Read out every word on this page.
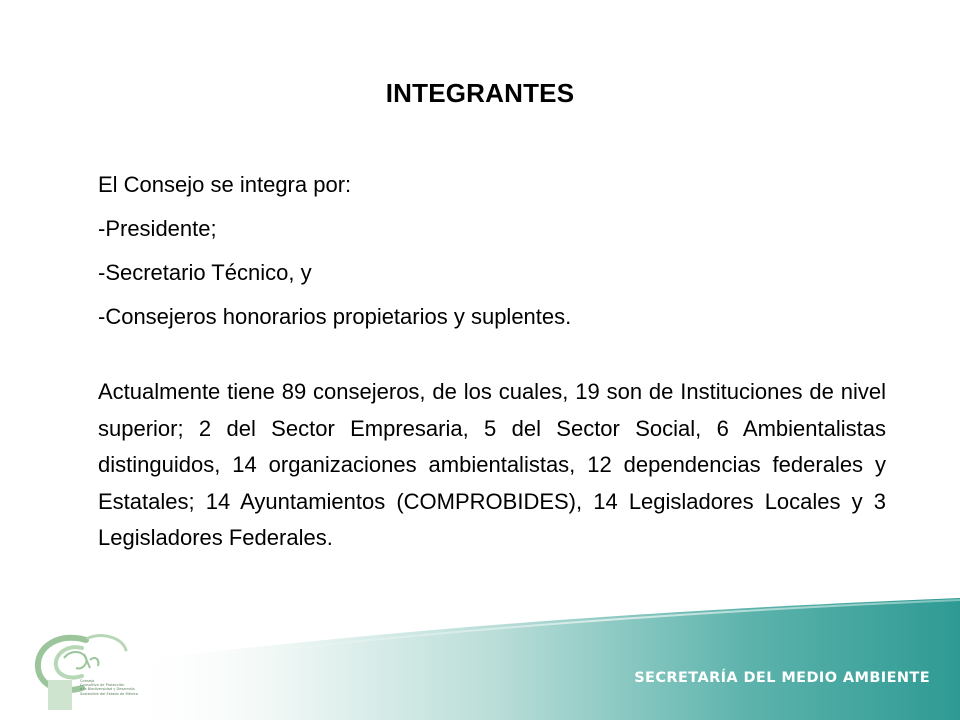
INTEGRANTES
El Consejo se integra por:
-Presidente;
-Secretario Técnico, y
-Consejeros honorarios propietarios y suplentes.

Actualmente tiene 89 consejeros, de los cuales, 19 son de Instituciones de nivel superior; 2 del Sector Empresaria, 5 del Sector Social, 6 Ambientalistas distinguidos, 14 organizaciones ambientalistas, 12 dependencias federales y Estatales; 14 Ayuntamientos (COMPROBIDES), 14 Legisladores Locales y 3 Legisladores Federales.

SECRETARÍA DEL MEDIO AMBIENTE
Consejo
Consultivo de Protección
a la Biodiversidad y Desarrollo
Sostenible del Estado de México
